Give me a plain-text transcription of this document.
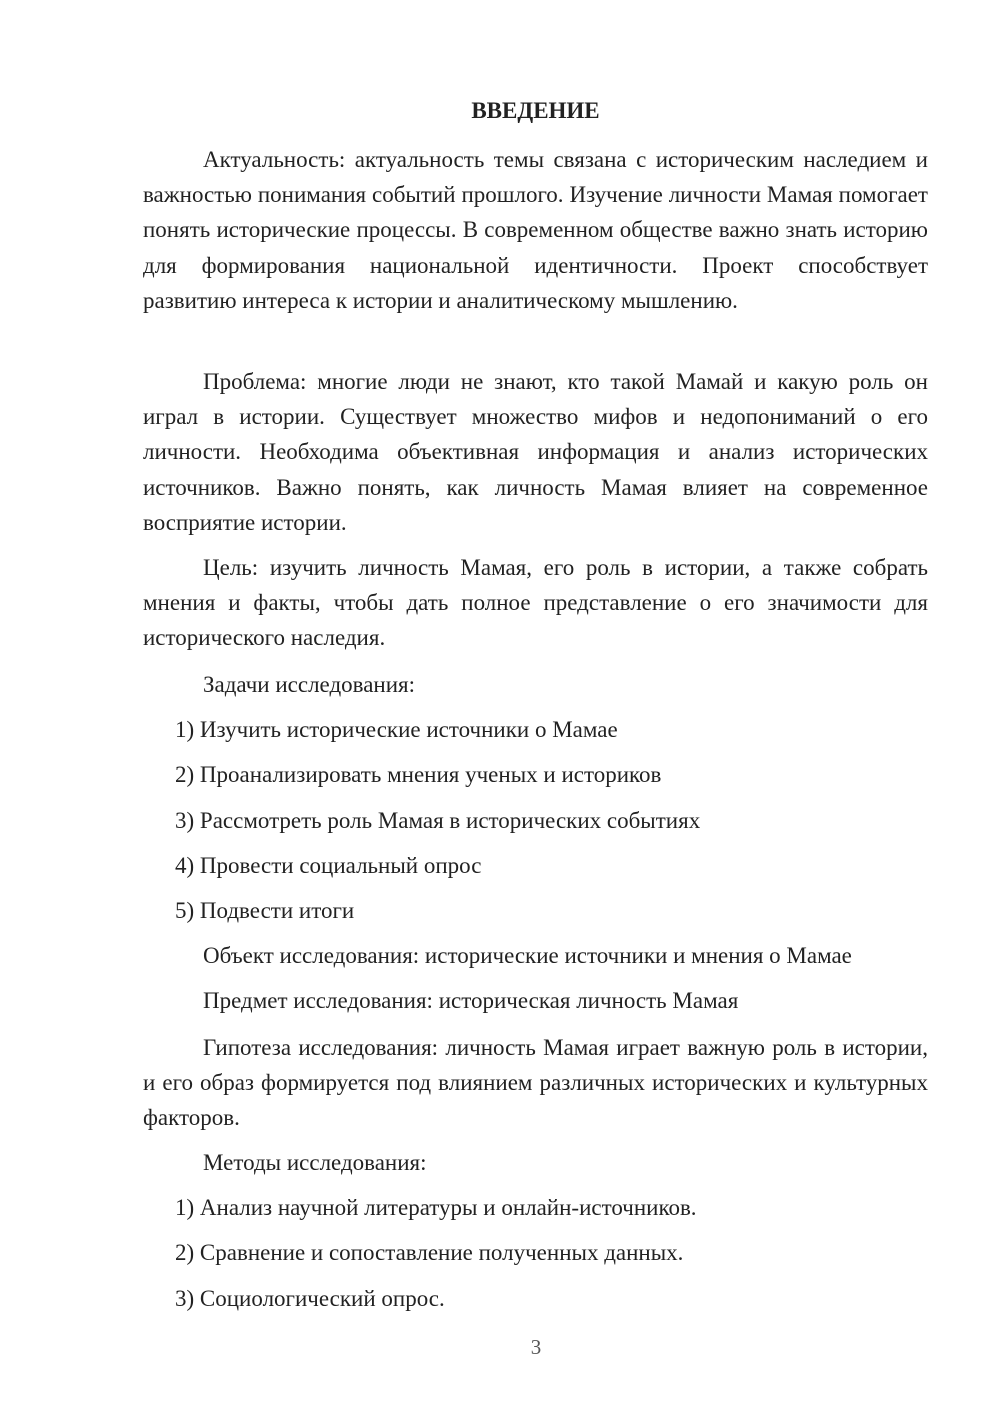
ВВЕДЕНИЕ

Актуальность: актуальность темы связана с историческим наследием и важностью понимания событий прошлого. Изучение личности Мамая помогает понять исторические процессы. В современном обществе важно знать историю для формирования национальной идентичности. Проект способствует развитию интереса к истории и аналитическому мышлению.

Проблема: многие люди не знают, кто такой Мамай и какую роль он играл в истории. Существует множество мифов и недопониманий о его личности. Необходима объективная информация и анализ исторических источников. Важно понять, как личность Мамая влияет на современное восприятие истории.

Цель: изучить личность Мамая, его роль в истории, а также собрать мнения и факты, чтобы дать полное представление о его значимости для исторического наследия.

Задачи исследования:

1) Изучить исторические источники о Мамае

2) Проанализировать мнения ученых и историков

3) Рассмотреть роль Мамая в исторических событиях

4) Провести социальный опрос

5) Подвести итоги

Объект исследования: исторические источники и мнения о Мамае

Предмет исследования: историческая личность Мамая

Гипотеза исследования: личность Мамая играет важную роль в истории, и его образ формируется под влиянием различных исторических и культурных факторов.

Методы исследования:

1) Анализ научной литературы и онлайн-источников.

2) Сравнение и сопоставление полученных данных.

3) Социологический опрос.

3
